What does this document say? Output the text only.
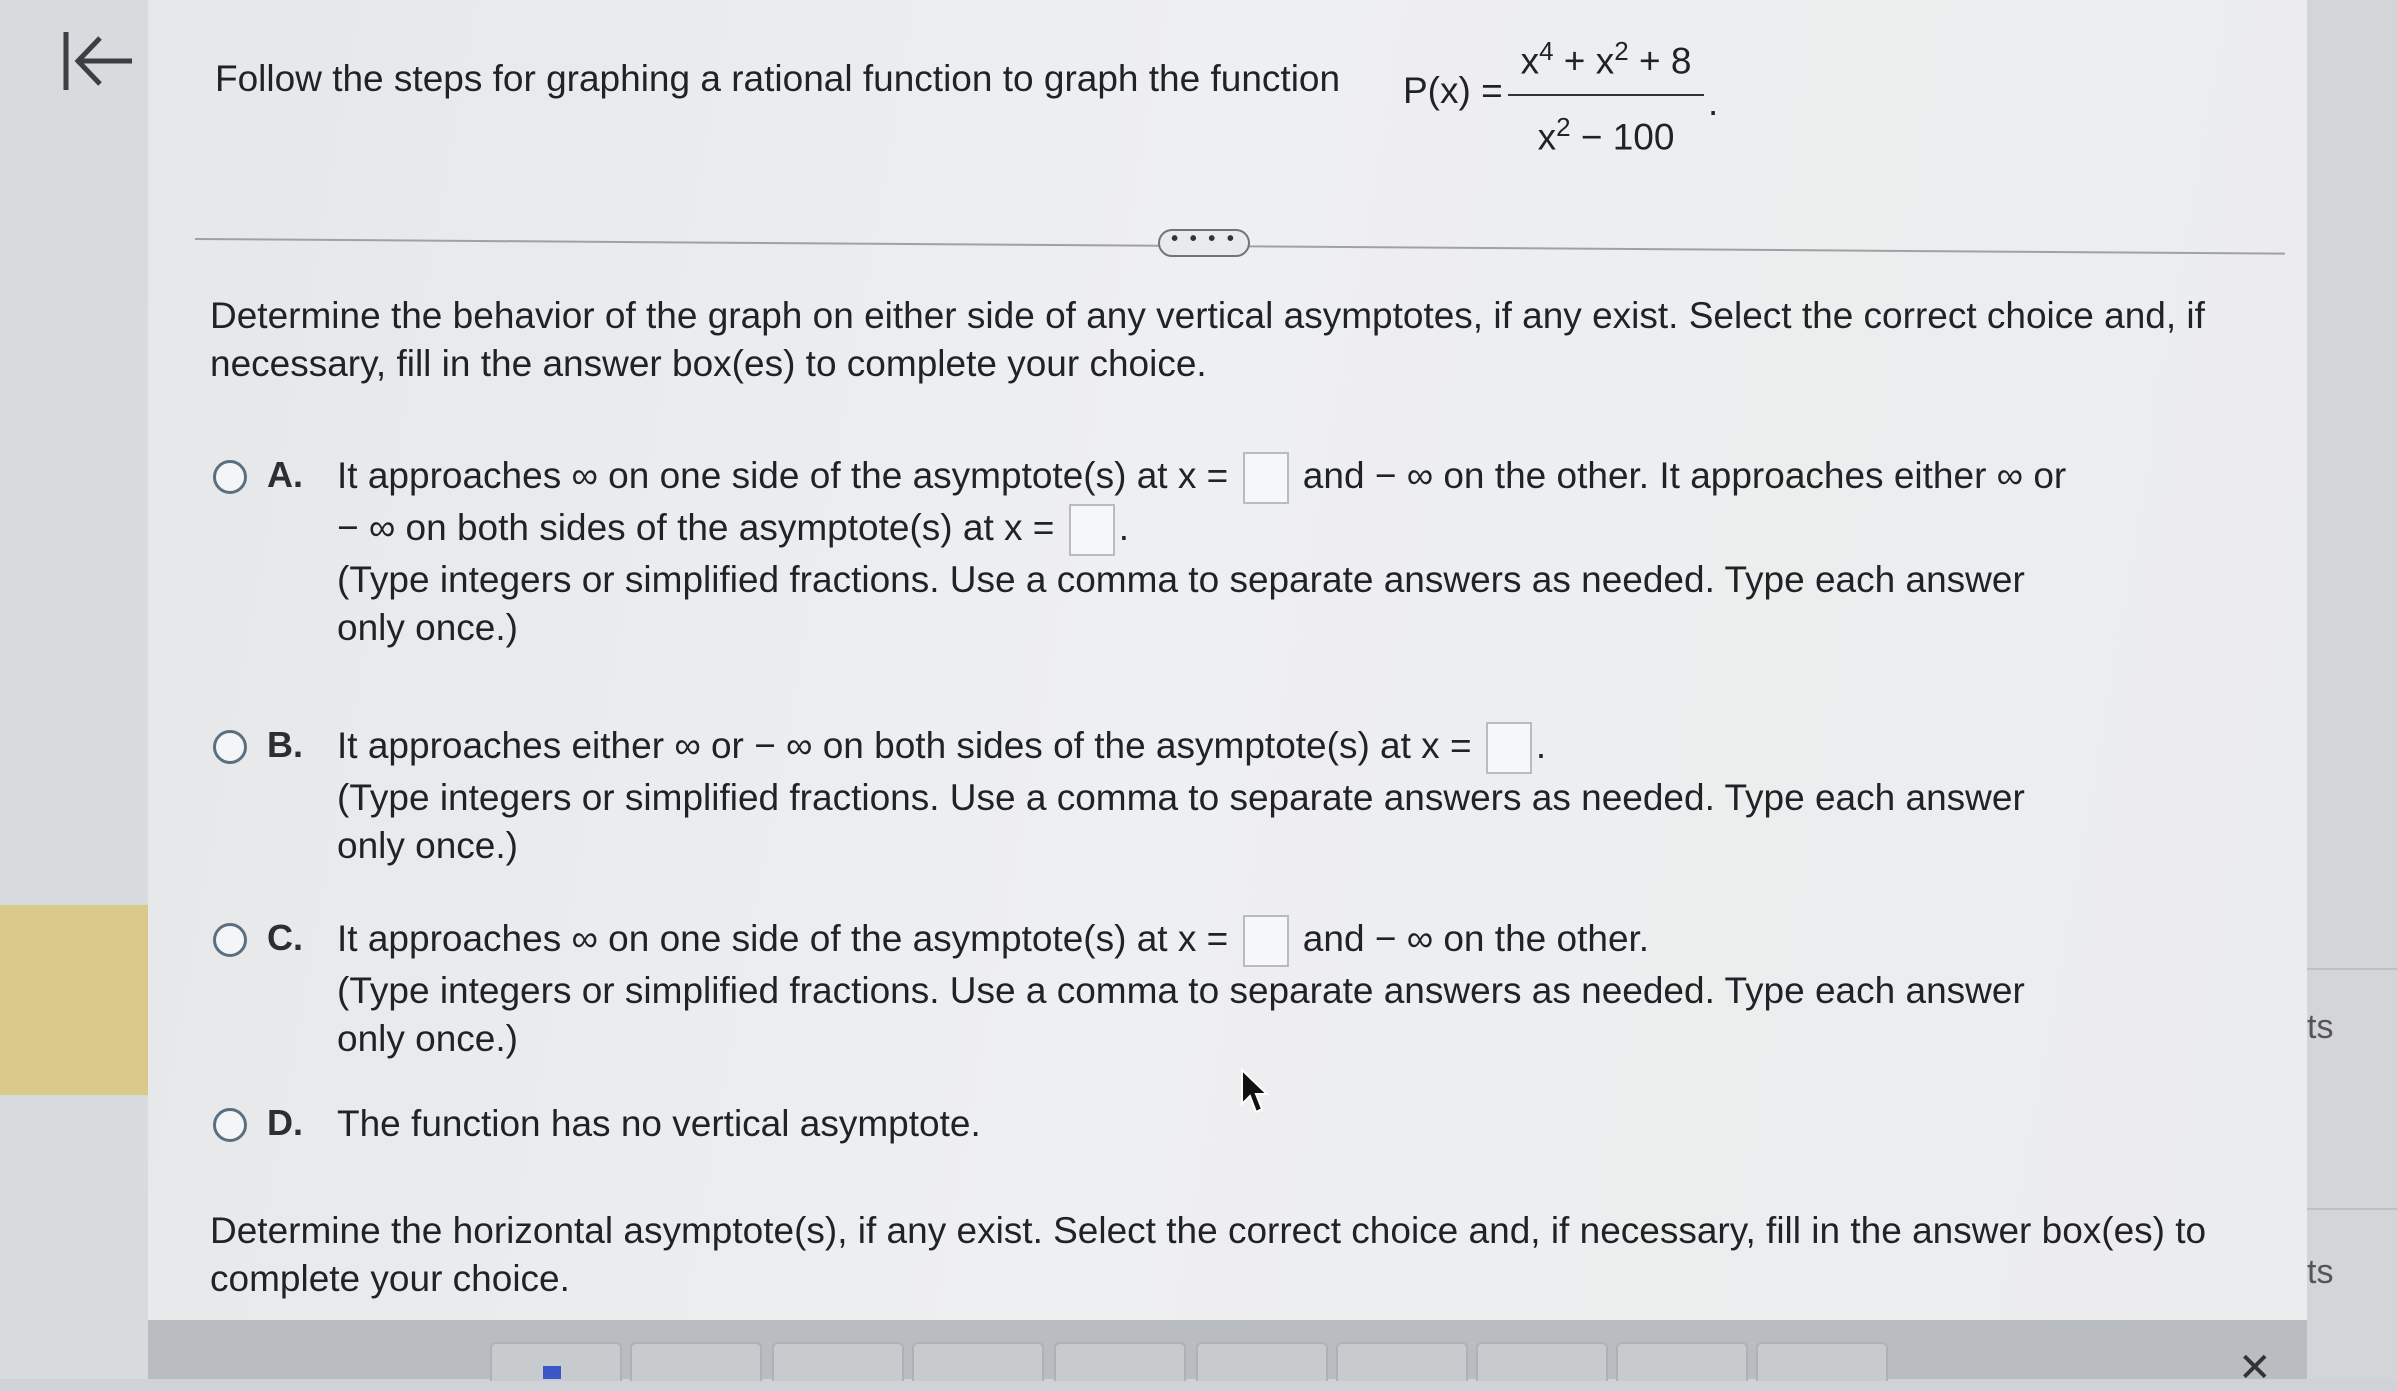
ts
ts
Follow the steps for graphing a rational function to graph the function P(x) =
$x^4 + x^2 + 8$
$x^2 - 100$
.
• • • •
Determine the behavior of the graph on either side of any vertical asymptotes, if any exist. Select the correct choice and, if necessary, fill in the answer box(es) to complete your choice.
A. It approaches ∞ on one side of the asymptote(s) at x = and − ∞ on the other. It approaches either ∞ or
− ∞ on both sides of the asymptote(s) at x = .
(Type integers or simplified fractions. Use a comma to separate answers as needed. Type each answer
only once.)
B. It approaches either ∞ or − ∞ on both sides of the asymptote(s) at x = .
(Type integers or simplified fractions. Use a comma to separate answers as needed. Type each answer
only once.)
C. It approaches ∞ on one side of the asymptote(s) at x = and − ∞ on the other.
(Type integers or simplified fractions. Use a comma to separate answers as needed. Type each answer
only once.)
D. The function has no vertical asymptote.
Determine the horizontal asymptote(s), if any exist. Select the correct choice and, if necessary, fill in the answer box(es) to complete your choice.
✕
